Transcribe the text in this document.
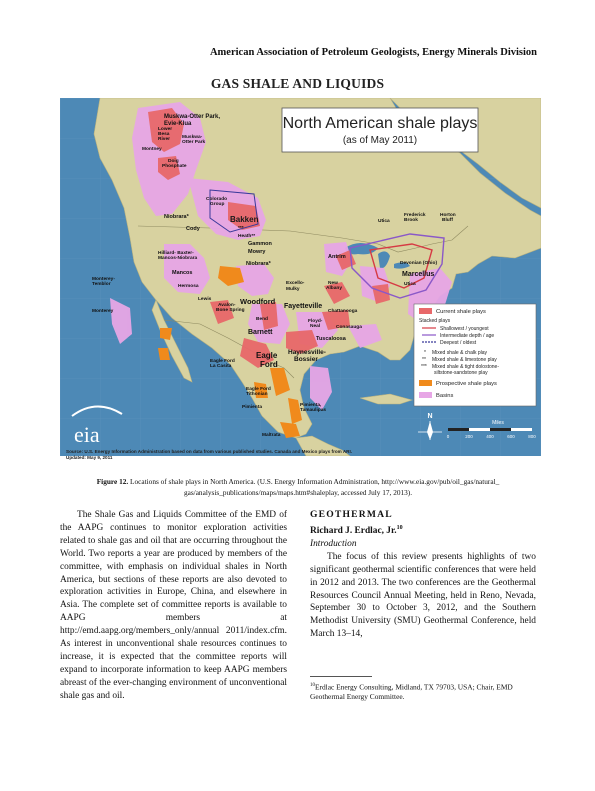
American Association of Petroleum Geologists, Energy Minerals Division
GAS SHALE AND LIQUIDS
North American shale plays
(as of May 2011)
Muskwa-Otter Park,
Evie-Klua
Lower
Besa
River	Muskwa-
Otter Park
Montney
Doig
Phosphate
Colorado
Group
Niobrara*	Bakken
***
Cody
Heath**
Gammon
Mowry
Niobrara*
Hilliard- Baxter-
Mancos-Niobrara
Mancos
Hermosa
Excello-
Mulky
Lewis
Avalon-
Bone Spring
Woodford
Bend
Barnett
Fayetteville
Chattanooga
Floyd-
Neal	Conasauga
Tuscaloosa
Haynesville-
Bossier
Eagle
Ford
Eagle Ford
La Casita
Eagle Ford
Tithonian
Pimienta,
Tamaulipas
Pimienta
Maltrata
Monterey-
Temblor
Monterey
Antrim
New
Albany
Devonian (Ohio)
Marcellus
Utica
Utica
Frederick
Brook
Horton
Bluff
Current shale plays
Stacked plays
Shallowest / youngest
Intermediate depth / age
Deepest / oldest
* Mixed shale & chalk play
** Mixed shale & limestone play
*** Mixed shale & tight dolostone-
siltstone-sandstone play
Prospective shale plays
Basins
N
Miles
0	200	400	600	800
eia
Source: U.S. Energy Information Administration based on data from various published studies. Canada and Mexico plays from ARI.
Updated: May 9, 2011
Figure 12. Locations of shale plays in North America. (U.S. Energy Information Administration, http://www.eia.gov/pub/oil_gas/natural_ gas/analysis_publications/maps/maps.htm#shaleplay, accessed July 17, 2013).

The Shale Gas and Liquids Committee of the EMD of the AAPG continues to monitor exploration activities related to shale gas and oil that are occurring throughout the World. Two reports a year are produced by members of the committee, with emphasis on individual shales in North America, but sections of these reports are also devoted to exploration activities in Europe, China, and elsewhere in Asia. The complete set of committee reports is available to AAPG members at http://emd.aapg.org/members_only/annual 2011/index.cfm. As interest in unconventional shale resources continues to increase, it is expected that the committee reports will expand to incorporate information to keep AAPG members abreast of the ever-changing environment of unconventional shale gas and oil.

GEOTHERMAL

Richard J. Erdlac, Jr.$^{10}$

Introduction

The focus of this review presents highlights of two significant geothermal scientific conferences that were held in 2012 and 2013. The two conferences are the Geothermal Resources Council Annual Meeting, held in Reno, Nevada, September 30 to October 3, 2012, and the Southern Methodist University (SMU) Geothermal Conference, held March 13–14,

$^{10}$Erdlac Energy Consulting, Midland, TX 79703, USA; Chair, EMD Geothermal Energy Committee.
